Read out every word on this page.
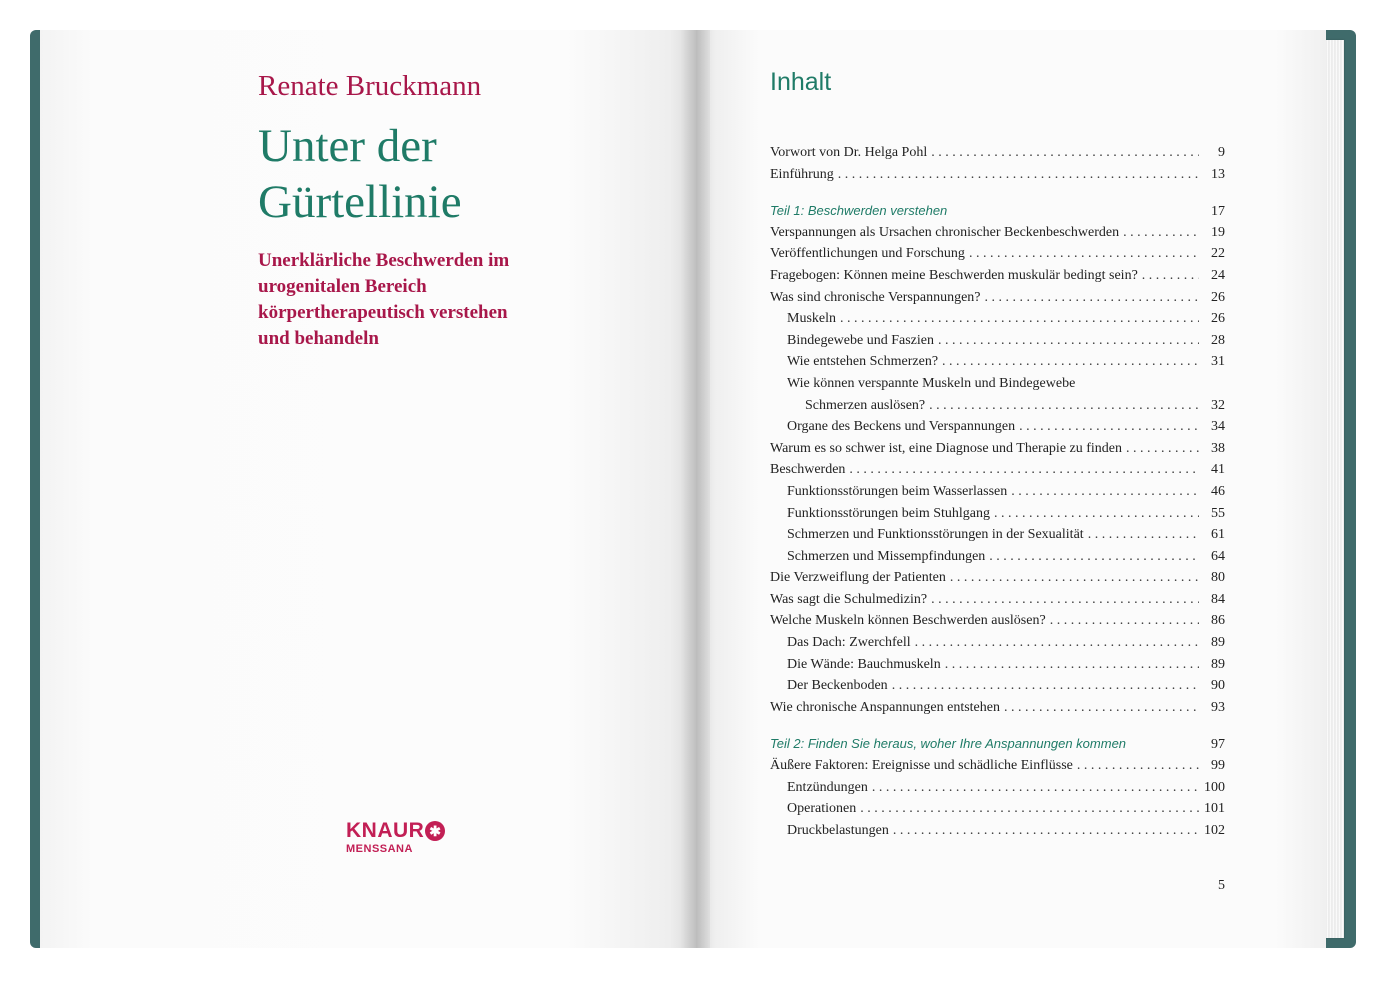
Renate Bruckmann
Unter der
Gürtellinie
Unerklärliche Beschwerden im
urogenitalen Bereich
körpertherapeutisch verstehen
und behandeln
KNAUR ✱
MENSSANA
Inhalt
Vorwort von Dr. Helga Pohl . . .	9
Einführung . . .	13
Teil 1: Beschwerden verstehen	17
Verspannungen als Ursachen chronischer Beckenbeschwerden . . .	19
Veröffentlichungen und Forschung . . .	22
Fragebogen: Können meine Beschwerden muskulär bedingt sein? . . .	24
Was sind chronische Verspannungen? . . .	26
Muskeln . . .	26
Bindegewebe und Faszien . . .	28
Wie entstehen Schmerzen? . . .	31
Wie können verspannte Muskeln und Bindegewebe
Schmerzen auslösen? . . .	32
Organe des Beckens und Verspannungen . . .	34
Warum es so schwer ist, eine Diagnose und Therapie zu finden . . .	38
Beschwerden . . .	41
Funktionsstörungen beim Wasserlassen . . .	46
Funktionsstörungen beim Stuhlgang . . .	55
Schmerzen und Funktionsstörungen in der Sexualität . . .	61
Schmerzen und Missempfindungen . . .	64
Die Verzweiflung der Patienten . . .	80
Was sagt die Schulmedizin? . . .	84
Welche Muskeln können Beschwerden auslösen? . . .	86
Das Dach: Zwerchfell . . .	89
Die Wände: Bauchmuskeln . . .	89
Der Beckenboden . . .	90
Wie chronische Anspannungen entstehen . . .	93
Teil 2: Finden Sie heraus, woher Ihre Anspannungen kommen	97
Äußere Faktoren: Ereignisse und schädliche Einflüsse . . .	99
Entzündungen . . .	100
Operationen . . .	101
Druckbelastungen . . .	102
5
